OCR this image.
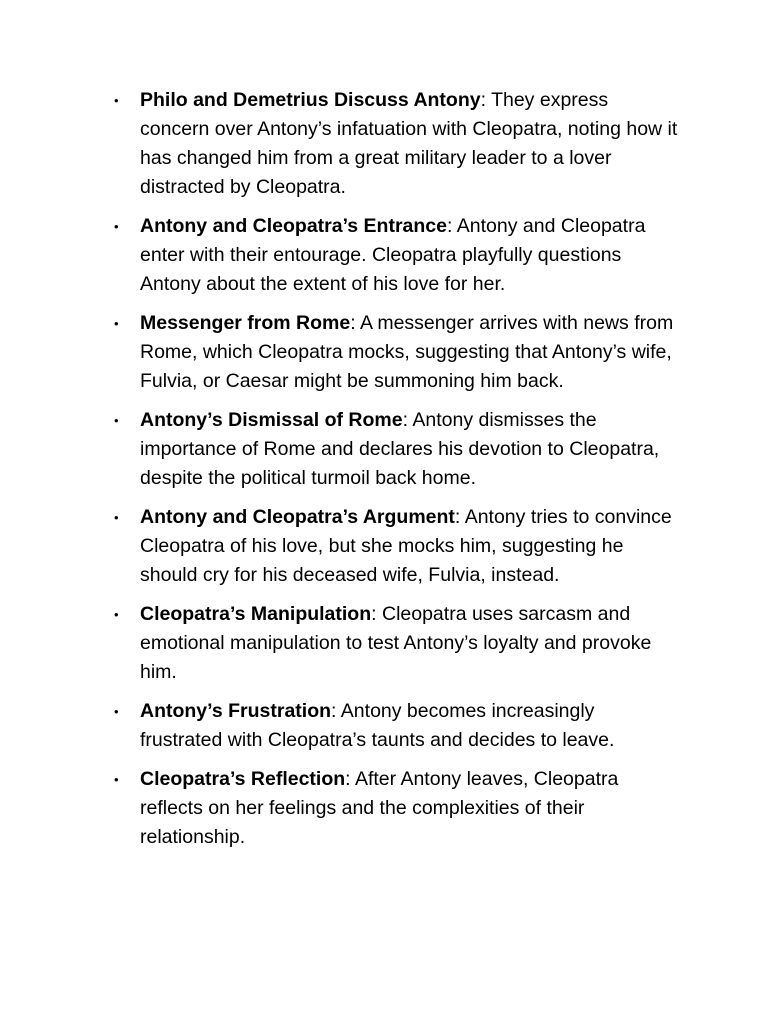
• Philo and Demetrius Discuss Antony: They express concern over Antony’s infatuation with Cleopatra, noting how it has changed him from a great military leader to a lover distracted by Cleopatra.
• Antony and Cleopatra’s Entrance: Antony and Cleopatra enter with their entourage. Cleopatra playfully questions Antony about the extent of his love for her.
• Messenger from Rome: A messenger arrives with news from Rome, which Cleopatra mocks, suggesting that Antony’s wife, Fulvia, or Caesar might be summoning him back.
• Antony’s Dismissal of Rome: Antony dismisses the importance of Rome and declares his devotion to Cleopatra, despite the political turmoil back home.
• Antony and Cleopatra’s Argument: Antony tries to convince Cleopatra of his love, but she mocks him, suggesting he should cry for his deceased wife, Fulvia, instead.
• Cleopatra’s Manipulation: Cleopatra uses sarcasm and emotional manipulation to test Antony’s loyalty and provoke him.
• Antony’s Frustration: Antony becomes increasingly frustrated with Cleopatra’s taunts and decides to leave.
• Cleopatra’s Reflection: After Antony leaves, Cleopatra reflects on her feelings and the complexities of their relationship.
